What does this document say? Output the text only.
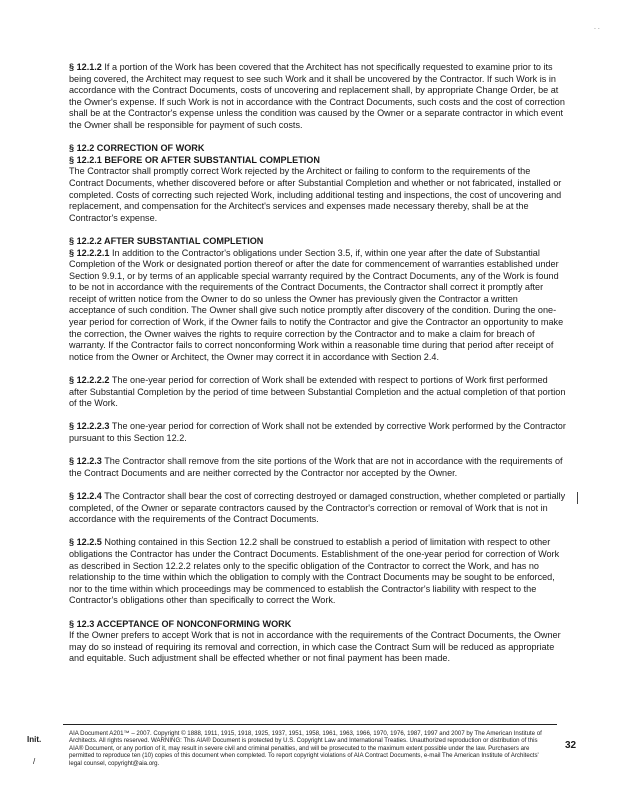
. .

§ 12.1.2 If a portion of the Work has been covered that the Architect has not specifically requested to examine prior to its being covered, the Architect may request to see such Work and it shall be uncovered by the Contractor. If such Work is in accordance with the Contract Documents, costs of uncovering and replacement shall, by appropriate Change Order, be at the Owner's expense. If such Work is not in accordance with the Contract Documents, such costs and the cost of correction shall be at the Contractor's expense unless the condition was caused by the Owner or a separate contractor in which event the Owner shall be responsible for payment of such costs.

§ 12.2 CORRECTION OF WORK

§ 12.2.1 BEFORE OR AFTER SUBSTANTIAL COMPLETION

The Contractor shall promptly correct Work rejected by the Architect or failing to conform to the requirements of the Contract Documents, whether discovered before or after Substantial Completion and whether or not fabricated, installed or completed. Costs of correcting such rejected Work, including additional testing and inspections, the cost of uncovering and replacement, and compensation for the Architect's services and expenses made necessary thereby, shall be at the Contractor's expense.

§ 12.2.2 AFTER SUBSTANTIAL COMPLETION

§ 12.2.2.1 In addition to the Contractor's obligations under Section 3.5, if, within one year after the date of Substantial Completion of the Work or designated portion thereof or after the date for commencement of warranties established under Section 9.9.1, or by terms of an applicable special warranty required by the Contract Documents, any of the Work is found to be not in accordance with the requirements of the Contract Documents, the Contractor shall correct it promptly after receipt of written notice from the Owner to do so unless the Owner has previously given the Contractor a written acceptance of such condition. The Owner shall give such notice promptly after discovery of the condition. During the one-year period for correction of Work, if the Owner fails to notify the Contractor and give the Contractor an opportunity to make the correction, the Owner waives the rights to require correction by the Contractor and to make a claim for breach of warranty. If the Contractor fails to correct nonconforming Work within a reasonable time during that period after receipt of notice from the Owner or Architect, the Owner may correct it in accordance with Section 2.4.

§ 12.2.2.2 The one-year period for correction of Work shall be extended with respect to portions of Work first performed after Substantial Completion by the period of time between Substantial Completion and the actual completion of that portion of the Work.

§ 12.2.2.3 The one-year period for correction of Work shall not be extended by corrective Work performed by the Contractor pursuant to this Section 12.2.

§ 12.2.3 The Contractor shall remove from the site portions of the Work that are not in accordance with the requirements of the Contract Documents and are neither corrected by the Contractor nor accepted by the Owner.

§ 12.2.4 The Contractor shall bear the cost of correcting destroyed or damaged construction, whether completed or partially completed, of the Owner or separate contractors caused by the Contractor's correction or removal of Work that is not in accordance with the requirements of the Contract Documents.

§ 12.2.5 Nothing contained in this Section 12.2 shall be construed to establish a period of limitation with respect to other obligations the Contractor has under the Contract Documents. Establishment of the one-year period for correction of Work as described in Section 12.2.2 relates only to the specific obligation of the Contractor to correct the Work, and has no relationship to the time within which the obligation to comply with the Contract Documents may be sought to be enforced, nor to the time within which proceedings may be commenced to establish the Contractor's liability with respect to the Contractor's obligations other than specifically to correct the Work.

§ 12.3 ACCEPTANCE OF NONCONFORMING WORK

If the Owner prefers to accept Work that is not in accordance with the requirements of the Contract Documents, the Owner may do so instead of requiring its removal and correction, in which case the Contract Sum will be reduced as appropriate and equitable. Such adjustment shall be effected whether or not final payment has been made.

Init.
/
AIA Document A201™ – 2007. Copyright © 1888, 1911, 1915, 1918, 1925, 1937, 1951, 1958, 1961, 1963, 1966, 1970, 1976, 1987, 1997 and 2007 by The American Institute of Architects. All rights reserved. WARNING: This AIA® Document is protected by U.S. Copyright Law and International Treaties. Unauthorized reproduction or distribution of this AIA® Document, or any portion of it, may result in severe civil and criminal penalties, and will be prosecuted to the maximum extent possible under the law. Purchasers are permitted to reproduce ten (10) copies of this document when completed. To report copyright violations of AIA Contract Documents, e-mail The American Institute of Architects' legal counsel, copyright@aia.org.
32
